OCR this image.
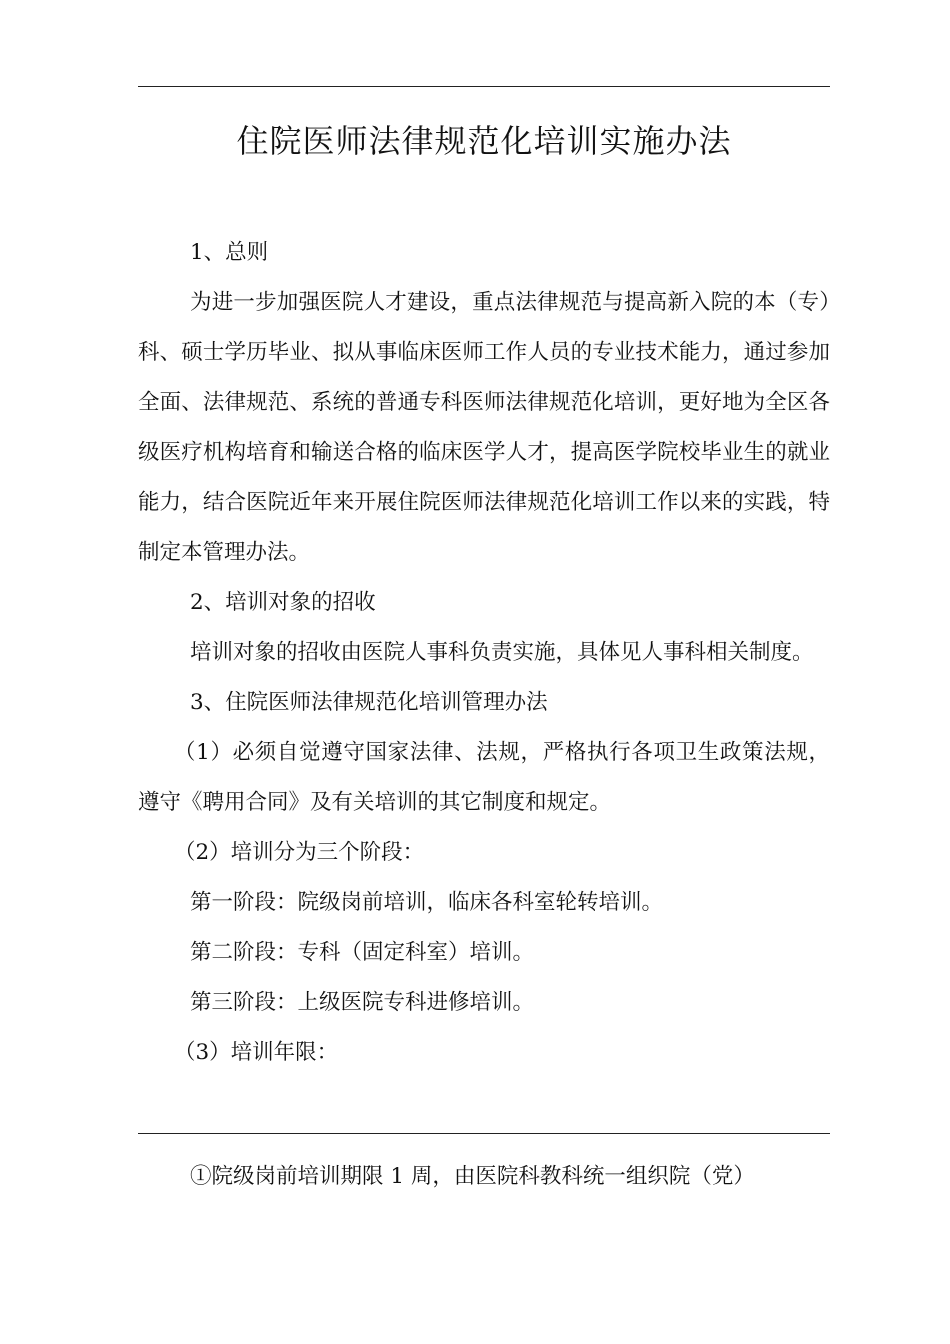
住院医师法律规范化培训实施办法

1、总则

为进一步加强医院人才建设，重点法律规范与提高新入院的本（专）科、硕士学历毕业、拟从事临床医师工作人员的专业技术能力，通过参加全面、法律规范、系统的普通专科医师法律规范化培训，更好地为全区各级医疗机构培育和输送合格的临床医学人才，提高医学院校毕业生的就业能力，结合医院近年来开展住院医师法律规范化培训工作以来的实践，特制定本管理办法。

2、培训对象的招收

培训对象的招收由医院人事科负责实施，具体见人事科相关制度。

3、住院医师法律规范化培训管理办法

（1）必须自觉遵守国家法律、法规，严格执行各项卫生政策法规，遵守《聘用合同》及有关培训的其它制度和规定。

（2）培训分为三个阶段：

第一阶段：院级岗前培训，临床各科室轮转培训。

第二阶段：专科（固定科室）培训。

第三阶段：上级医院专科进修培训。

（3）培训年限：

①院级岗前培训期限 1 周，由医院科教科统一组织院（党）
